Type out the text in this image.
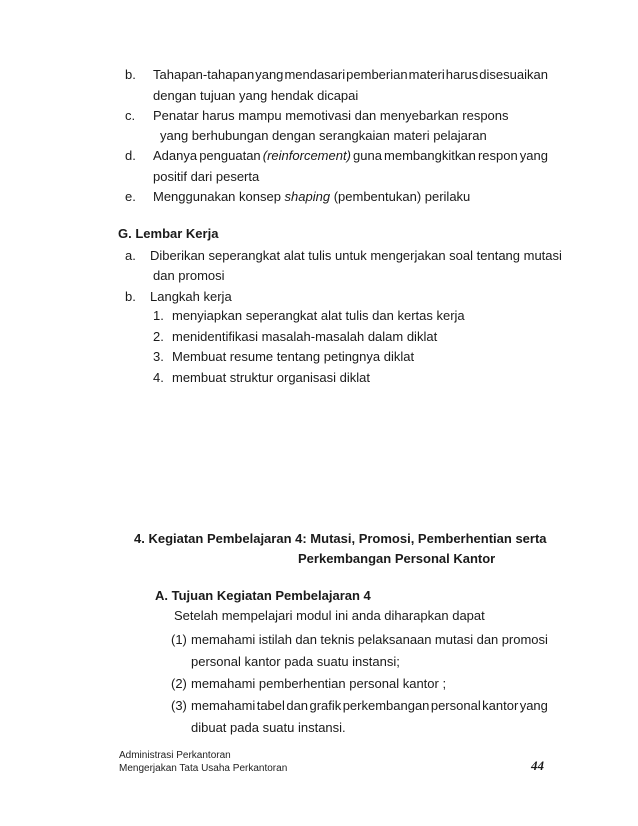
b. Tahapan-tahapan yang mendasari pemberian materi harus disesuaikan
dengan tujuan yang hendak dicapai
c. Penatar harus mampu memotivasi dan menyebarkan respons
yang berhubungan dengan serangkaian materi pelajaran
d. Adanya penguatan (reinforcement) guna membangkitkan respon yang
positif dari peserta
e. Menggunakan konsep shaping (pembentukan) perilaku
G. Lembar Kerja
a. Diberikan seperangkat alat tulis untuk mengerjakan soal tentang mutasi
dan promosi
b. Langkah kerja
1. menyiapkan seperangkat alat tulis dan kertas kerja
2. menidentifikasi masalah-masalah dalam diklat
3. Membuat resume tentang petingnya diklat
4. membuat struktur organisasi diklat
4. Kegiatan Pembelajaran 4: Mutasi, Promosi, Pemberhentian serta
Perkembangan Personal Kantor
A. Tujuan Kegiatan Pembelajaran 4
Setelah mempelajari modul ini anda diharapkan dapat
(1) memahami istilah dan teknis pelaksanaan mutasi dan promosi
personal kantor pada suatu instansi;
(2) memahami pemberhentian personal kantor ;
(3) memahami tabel dan grafik perkembangan personal kantor yang
dibuat pada suatu instansi.
Administrasi Perkantoran
Mengerjakan Tata Usaha Perkantoran	44
